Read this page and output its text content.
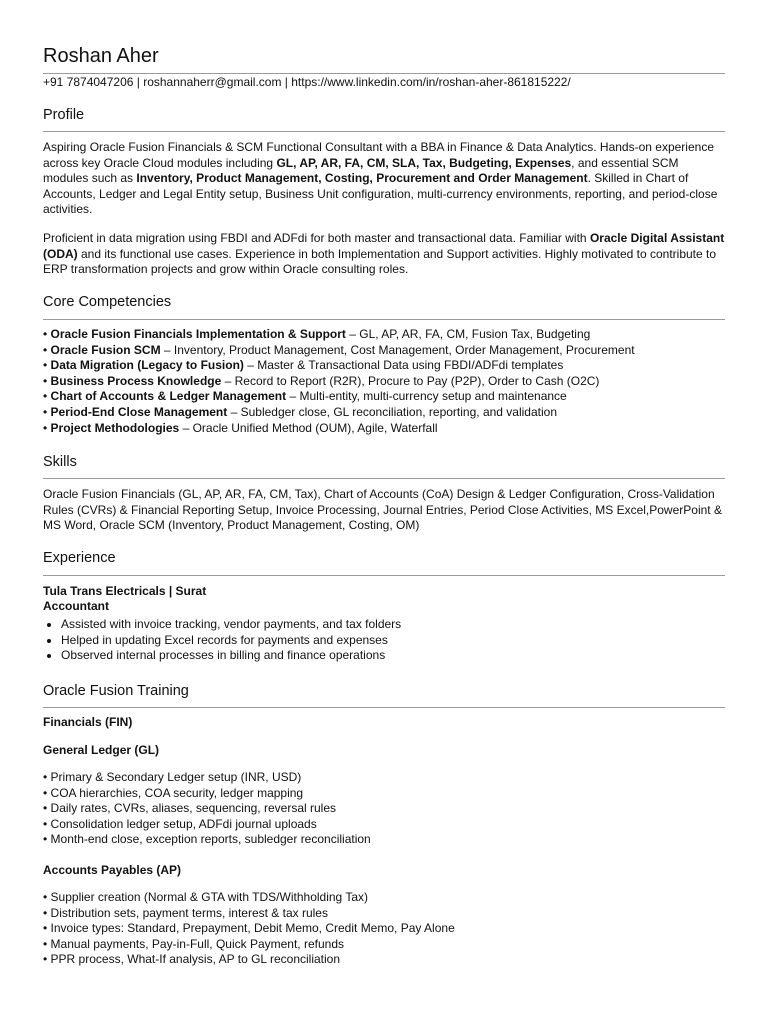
Roshan Aher
+91 7874047206 | roshannaherr@gmail.com | https://www.linkedin.com/in/roshan-aher-861815222/
Profile

Aspiring Oracle Fusion Financials & SCM Functional Consultant with a BBA in Finance & Data Analytics. Hands-on experience across key Oracle Cloud modules including GL, AP, AR, FA, CM, SLA, Tax, Budgeting, Expenses, and essential SCM modules such as Inventory, Product Management, Costing, Procurement and Order Management. Skilled in Chart of Accounts, Ledger and Legal Entity setup, Business Unit configuration, multi-currency environments, reporting, and period-close activities.

Proficient in data migration using FBDI and ADFdi for both master and transactional data. Familiar with Oracle Digital Assistant (ODA) and its functional use cases. Experience in both Implementation and Support activities. Highly motivated to contribute to ERP transformation projects and grow within Oracle consulting roles.

Core Competencies
• Oracle Fusion Financials Implementation & Support – GL, AP, AR, FA, CM, Fusion Tax, Budgeting
• Oracle Fusion SCM – Inventory, Product Management, Cost Management, Order Management, Procurement
• Data Migration (Legacy to Fusion) – Master & Transactional Data using FBDI/ADFdi templates
• Business Process Knowledge – Record to Report (R2R), Procure to Pay (P2P), Order to Cash (O2C)
• Chart of Accounts & Ledger Management – Multi-entity, multi-currency setup and maintenance
• Period-End Close Management – Subledger close, GL reconciliation, reporting, and validation
• Project Methodologies – Oracle Unified Method (OUM), Agile, Waterfall
Skills

Oracle Fusion Financials (GL, AP, AR, FA, CM, Tax), Chart of Accounts (CoA) Design & Ledger Configuration, Cross-Validation Rules (CVRs) & Financial Reporting Setup, Invoice Processing, Journal Entries, Period Close Activities, MS Excel,PowerPoint & MS Word, Oracle SCM (Inventory, Product Management, Costing, OM)

Experience
Tula Trans Electricals | Surat
Accountant
• Assisted with invoice tracking, vendor payments, and tax folders
• Helped in updating Excel records for payments and expenses
• Observed internal processes in billing and finance operations
Oracle Fusion Training
Financials (FIN)
General Ledger (GL)
• Primary & Secondary Ledger setup (INR, USD)
• COA hierarchies, COA security, ledger mapping
• Daily rates, CVRs, aliases, sequencing, reversal rules
• Consolidation ledger setup, ADFdi journal uploads
• Month-end close, exception reports, subledger reconciliation
Accounts Payables (AP)
• Supplier creation (Normal & GTA with TDS/Withholding Tax)
• Distribution sets, payment terms, interest & tax rules
• Invoice types: Standard, Prepayment, Debit Memo, Credit Memo, Pay Alone
• Manual payments, Pay-in-Full, Quick Payment, refunds
• PPR process, What-If analysis, AP to GL reconciliation
